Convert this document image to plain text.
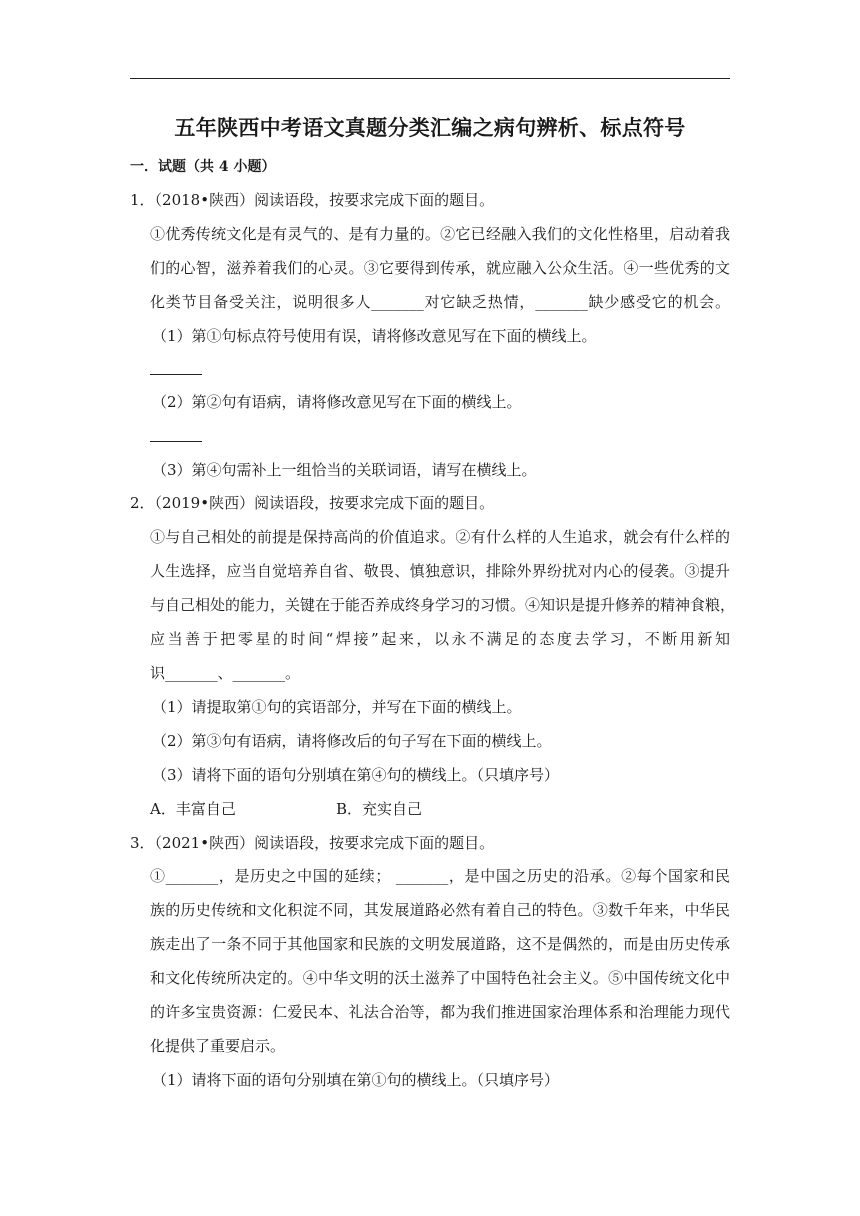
五年陕西中考语文真题分类汇编之病句辨析、标点符号
一．试题（共 4 小题）
1．（2018•陕西）阅读语段，按要求完成下面的题目。
①优秀传统文化是有灵气的、是有力量的。②它已经融入我们的文化性格里，启动着我
们的心智，滋养着我们的心灵。③它要得到传承，就应融入公众生活。④一些优秀的文
化类节目备受关注，说明很多人_______对它缺乏热情，_______缺少感受它的机会。
（1）第①句标点符号使用有误，请将修改意见写在下面的横线上。
（2）第②句有语病，请将修改意见写在下面的横线上。
（3）第④句需补上一组恰当的关联词语，请写在横线上。
2．（2019•陕西）阅读语段，按要求完成下面的题目。
①与自己相处的前提是保持高尚的价值追求。②有什么样的人生追求，就会有什么样的
人生选择，应当自觉培养自省、敬畏、慎独意识，排除外界纷扰对内心的侵袭。③提升
与自己相处的能力，关键在于能否养成终身学习的习惯。④知识是提升修养的精神食粮，
应当善于把零星的时间“焊接”起来，以永不满足的态度去学习，不断用新知
识_______、_______。
（1）请提取第①句的宾语部分，并写在下面的横线上。
（2）第③句有语病，请将修改后的句子写在下面的横线上。
（3）请将下面的语句分别填在第④句的横线上。（只填序号）
A．丰富自己	B．充实自己
3．（2021•陕西）阅读语段，按要求完成下面的题目。
①_______，是历史之中国的延续； _______，是中国之历史的沿承。②每个国家和民
族的历史传统和文化积淀不同，其发展道路必然有着自己的特色。③数千年来，中华民
族走出了一条不同于其他国家和民族的文明发展道路，这不是偶然的，而是由历史传承
和文化传统所决定的。④中华文明的沃土滋养了中国特色社会主义。⑤中国传统文化中
的许多宝贵资源：仁爱民本、礼法合治等，都为我们推进国家治理体系和治理能力现代
化提供了重要启示。
（1）请将下面的语句分别填在第①句的横线上。（只填序号）
